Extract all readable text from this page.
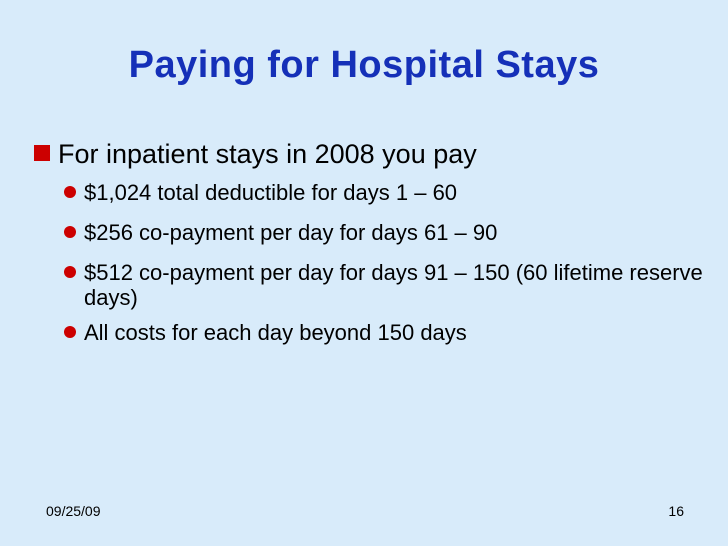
Paying for Hospital Stays
For inpatient stays in 2008 you pay
$1,024 total deductible for days 1 – 60
$256 co-payment per day for days 61 – 90
$512 co-payment per day for days 91 – 150 (60 lifetime reserve days)
All costs for each day beyond 150 days
09/25/09	16
